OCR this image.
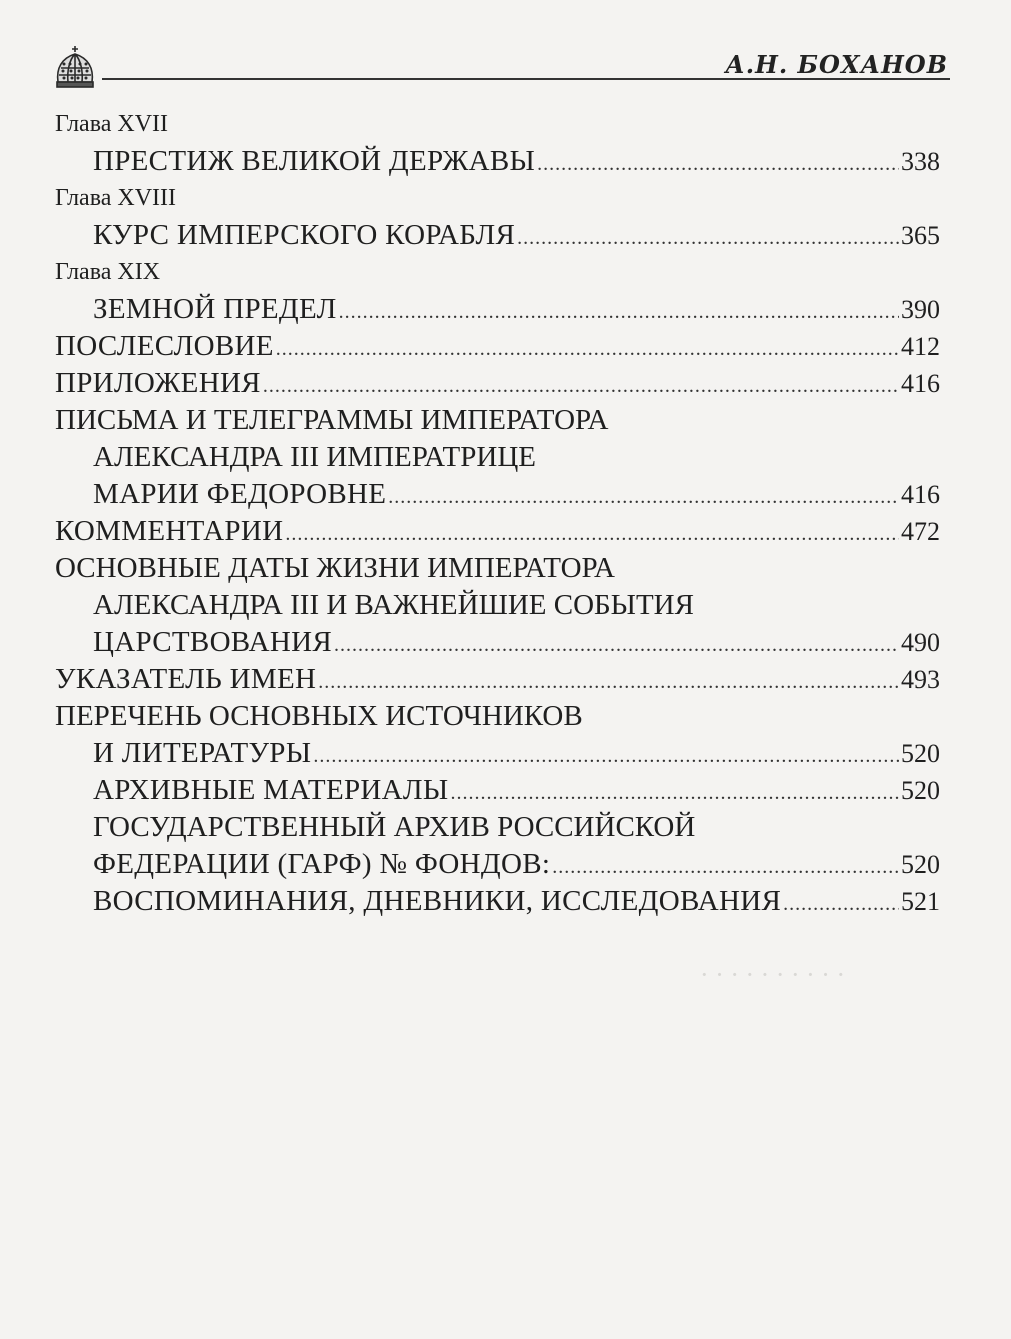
А.Н. БОХАНОВ
· · · · · · · · · ·
Глава XVII
ПРЕСТИЖ ВЕЛИКОЙ ДЕРЖАВЫ .....	338
Глава XVIII
КУРС ИМПЕРСКОГО КОРАБЛЯ .....	365
Глава XIX
ЗЕМНОЙ ПРЕДЕЛ .....	390
ПОСЛЕСЛОВИЕ .....	412
ПРИЛОЖЕНИЯ .....	416
ПИСЬМА И ТЕЛЕГРАММЫ ИМПЕРАТОРА
АЛЕКСАНДРА III ИМПЕРАТРИЦЕ
МАРИИ ФЕДОРОВНЕ .....	416
КОММЕНТАРИИ .....	472
ОСНОВНЫЕ ДАТЫ ЖИЗНИ ИМПЕРАТОРА
АЛЕКСАНДРА III И ВАЖНЕЙШИЕ СОБЫТИЯ
ЦАРСТВОВАНИЯ .....	490
УКАЗАТЕЛЬ ИМЕН .....	493
ПЕРЕЧЕНЬ ОСНОВНЫХ ИСТОЧНИКОВ
И ЛИТЕРАТУРЫ .....	520
АРХИВНЫЕ МАТЕРИАЛЫ .....	520
ГОСУДАРСТВЕННЫЙ АРХИВ РОССИЙСКОЙ
ФЕДЕРАЦИИ (ГАРФ) № ФОНДОВ: .....	520
ВОСПОМИНАНИЯ, ДНЕВНИКИ, ИССЛЕДОВАНИЯ .....	521
